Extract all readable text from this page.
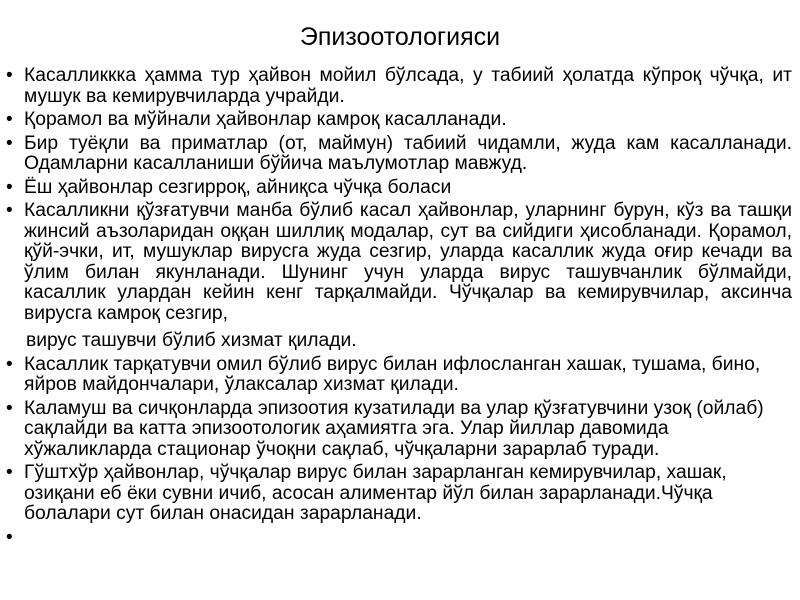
Эпизоотологияси
• Касалликкка ҳамма тур ҳайвон мойил бўлсада, у табиий ҳолатда кўпроқ чўчқа, ит мушук ва кемирувчиларда учрайди.
• Қорамол ва мўйнали ҳайвонлар камроқ касалланади.
• Бир туёқли ва приматлар (от, маймун) табиий чидамли, жуда кам касалланади. Одамларни касалланиши бўйича маълумотлар мавжуд.
• Ёш ҳайвонлар сезгирроқ, айниқса чўчқа боласи
• Касалликни қўзғатувчи манба бўлиб касал ҳайвонлар, уларнинг бурун, кўз ва ташқи жинсий аъзоларидан оққан шиллиқ модалар, сут ва сийдиги ҳисобланади. Қорамол, қўй-эчки, ит, мушуклар вирусга жуда сезгир, уларда касаллик жуда оғир кечади ва ўлим билан якунланади. Шунинг учун уларда вирус ташувчанлик бўлмайди, касаллик улардан кейин кенг тарқалмайди. Чўчқалар ва кемирувчилар, аксинча вирусга камроқ сезгир,
вирус ташувчи бўлиб хизмат қилади.
• Касаллик тарқатувчи омил бўлиб вирус билан ифлосланган хашак, тушама, бино, яйров майдончалари, ўлаксалар хизмат қилади.
• Каламуш ва сичқонларда эпизоотия кузатилади ва улар қўзғатувчини узоқ (ойлаб) сақлайди ва катта эпизоотологик аҳамиятга эга. Улар йиллар давомида хўжаликларда стационар ўчоқни сақлаб, чўчқаларни зарарлаб туради.
• Гўштхўр ҳайвонлар, чўчқалар вирус билан зарарланган кемирувчилар, хашак, озиқани еб ёки сувни ичиб, асосан алиментар йўл билан зарарланади.Чўчқа болалари сут билан онасидан зарарланади.
•
